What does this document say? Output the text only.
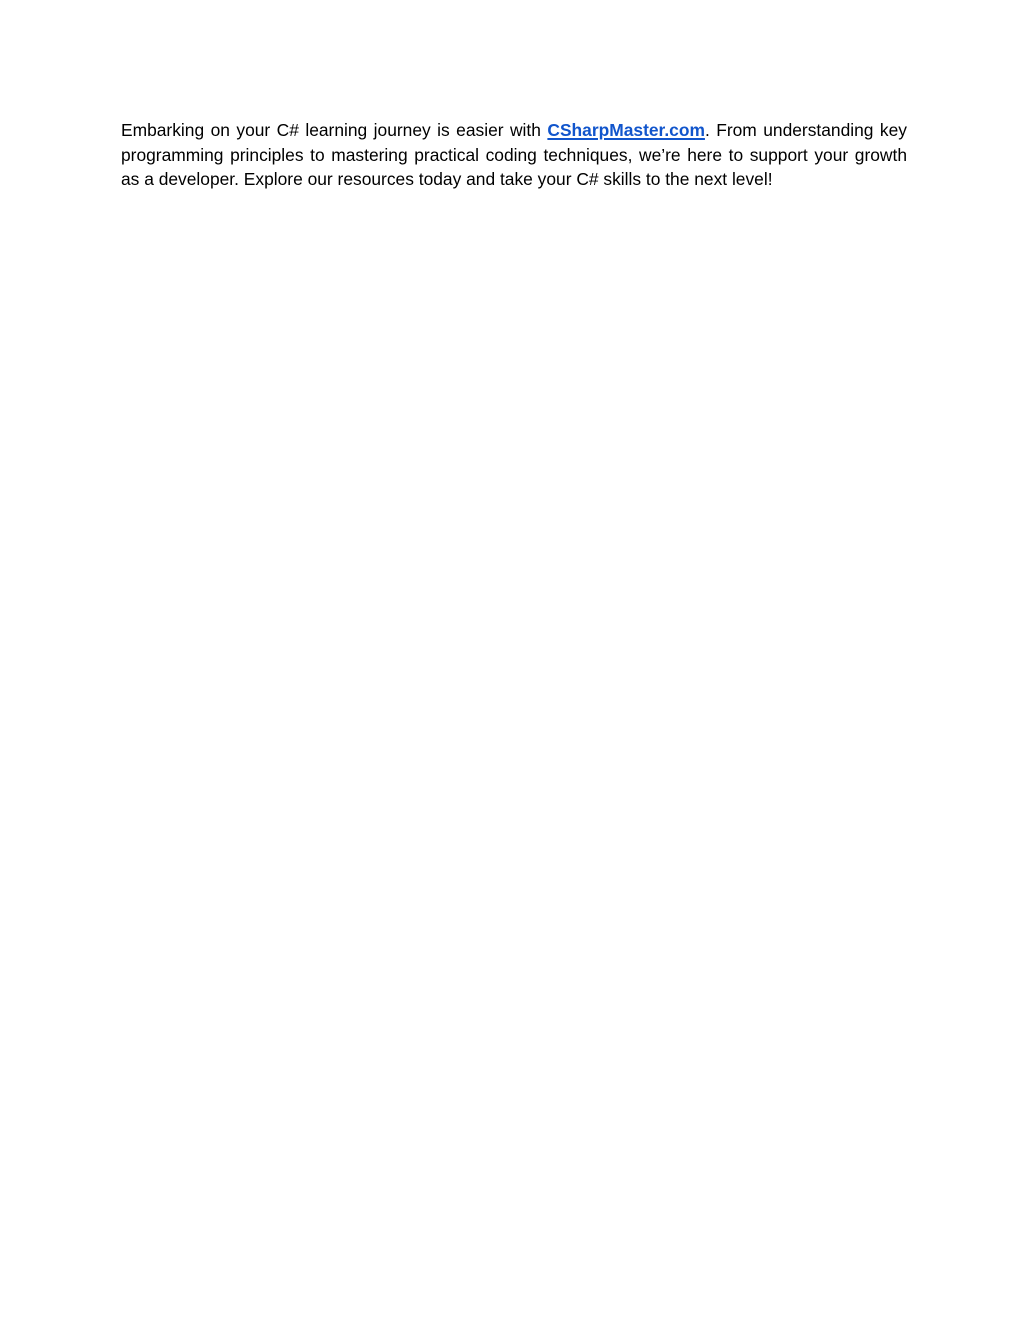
Embarking on your C# learning journey is easier with CSharpMaster.com. From understanding key programming principles to mastering practical coding techniques, we’re here to support your growth as a developer. Explore our resources today and take your C# skills to the next level!
